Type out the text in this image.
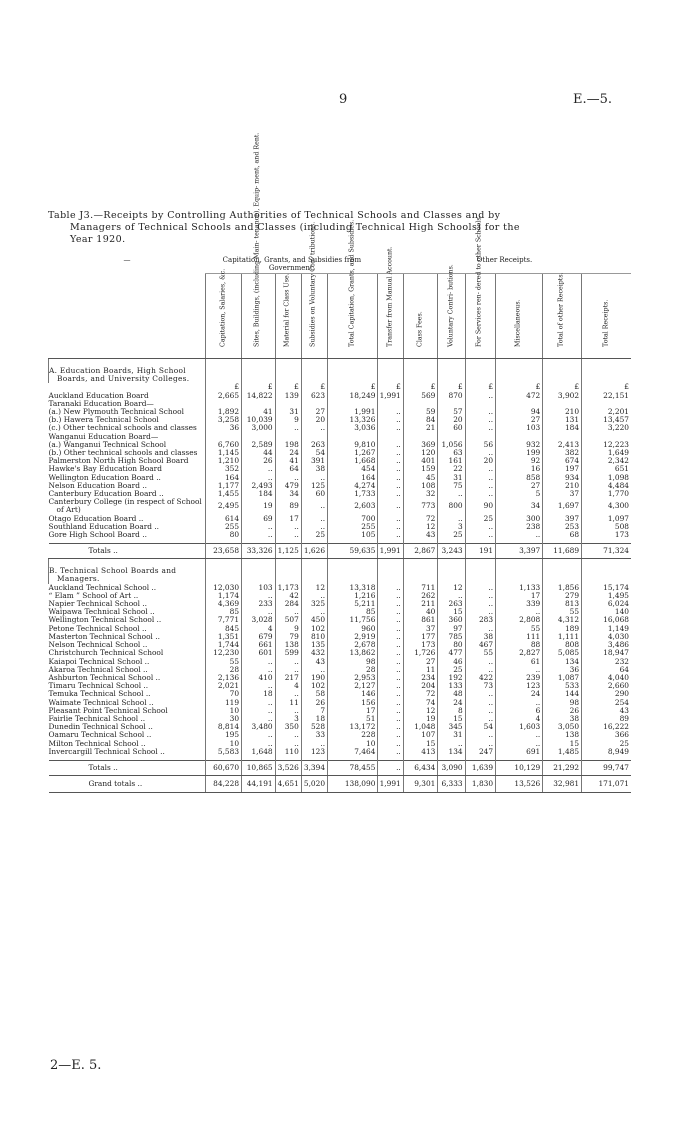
9	E.—5.
Table J3.—Receipts by Controlling Authorities of Technical Schools and Classes and by
Managers of Technical Schools and Classes (including Technical High Schools) for the
Year 1920.
—	Capitation, Grants, and Subsidies from Government.					Other Receipts.						

	Capitation, Salaries, &c.	Sites, Buildings, (including Main- tenance), Equip- ment, and Rent.	Material for Class Use.	Subsidies on Voluntary Con- tributions.	Total Capitation, Grants, and Subsidies.	Transfer from Manual Account.	Class Fees.	Voluntary Contri- butions.	For Services ren- dered to other Schools.	Miscellaneous.	Total of other Receipts.	Total Receipts.

A. Education Boards, High School Boards, and University Colleges.												
	£	£	£	£	£	£	£	£	£	£	£	£
Auckland Education Board	2,665	14,822	139	623	18,249	1,991	569	870	..	472	3,902	22,151
Taranaki Education Board—												
(a.) New Plymouth Technical School	1,892	41	31	27	1,991	..	59	57	..	94	210	2,201
(b.) Hawera Technical School	3,258	10,039	9	20	13,326	..	84	20	..	27	131	13,457
(c.) Other technical schools and classes	36	3,000	..	..	3,036	..	21	60	..	103	184	3,220
Wanganui Education Board—												
(a.) Wanganui Technical School	6,760	2,589	198	263	9,810	..	369	1,056	56	932	2,413	12,223
(b.) Other technical schools and classes	1,145	44	24	54	1,267	..	120	63	..	199	382	1,649
Palmerston North High School Board	1,210	26	41	391	1,668	..	401	161	20	92	674	2,342
Hawke's Bay Education Board	352	..	64	38	454	..	159	22	..	16	197	651
Wellington Education Board ..	164	..	..	..	164	..	45	31	..	858	934	1,098
Nelson Education Board ..	1,177	2,493	479	125	4,274	..	108	75	..	27	210	4,484
Canterbury Education Board ..	1,455	184	34	60	1,733	..	32	..	..	5	37	1,770
Canterbury College (in respect of School of Art)	2,495	19	89	..	2,603	..	773	800	90	34	1,697	4,300
Otago Education Board ..	614	69	17	..	700	..	72	..	25	300	397	1,097
Southland Education Board ..	255	..	..	..	255	..	12	3	..	238	253	508
Gore High School Board ..	80	..	..	25	105	..	43	25	..	..	68	173

Totals ..	23,658	33,326	1,125	1,626	59,635	1,991	2,867	3,243	191	3,397	11,689	71,324
B. Technical School Boards and Managers.												
Auckland Technical School ..	12,030	103	1,173	12	13,318	..	711	12	..	1,133	1,856	15,174
“ Elam ” School of Art ..	1,174	..	42	..	1,216	..	262	..	..	17	279	1,495
Napier Technical School ..	4,369	233	284	325	5,211	..	211	263	..	339	813	6,024
Waipawa Technical School ..	85	..	..	..	85	..	40	15	..	..	55	140
Wellington Technical School ..	7,771	3,028	507	450	11,756	..	861	360	283	2,808	4,312	16,068
Petone Technical School ..	845	4	9	102	960	..	37	97	..	55	189	1,149
Masterton Technical School ..	1,351	679	79	810	2,919	..	177	785	38	111	1,111	4,030
Nelson Technical School ..	1,744	661	138	135	2,678	..	173	80	467	88	808	3,486
Christchurch Technical School	12,230	601	599	432	13,862	..	1,726	477	55	2,827	5,085	18,947
Kaiapoi Technical School ..	55	..	..	43	98	..	27	46	..	61	134	232
Akaroa Technical School ..	28	..	..	..	28	..	11	25	..	..	36	64
Ashburton Technical School ..	2,136	410	217	190	2,953	..	234	192	422	239	1,087	4,040
Timaru Technical School ..	2,021	..	4	102	2,127	..	204	133	73	123	533	2,660
Temuka Technical School ..	70	18	..	58	146	..	72	48	..	24	144	290
Waimate Technical School ..	119	..	11	26	156	..	74	24	..	..	98	254
Pleasant Point Technical School	10	..	..	7	17	..	12	8	..	6	26	43
Fairlie Technical School ..	30	..	3	18	51	..	19	15	..	4	38	89
Dunedin Technical School ..	8,814	3,480	350	528	13,172	..	1,048	345	54	1,603	3,050	16,222
Oamaru Technical School ..	195	..	..	33	228	..	107	31	..	..	138	366
Milton Technical School ..	10	..	..	..	10	..	15	..	..	..	15	25
Invercargill Technical School ..	5,583	1,648	110	123	7,464	..	413	134	247	691	1,485	8,949

Totals ..	60,670	10,865	3,526	3,394	78,455	..	6,434	3,090	1,639	10,129	21,292	99,747
Grand totals ..	84,228	44,191	4,651	5,020	138,090	1,991	9,301	6,333	1,830	13,526	32,981	171,071
2—E. 5.
